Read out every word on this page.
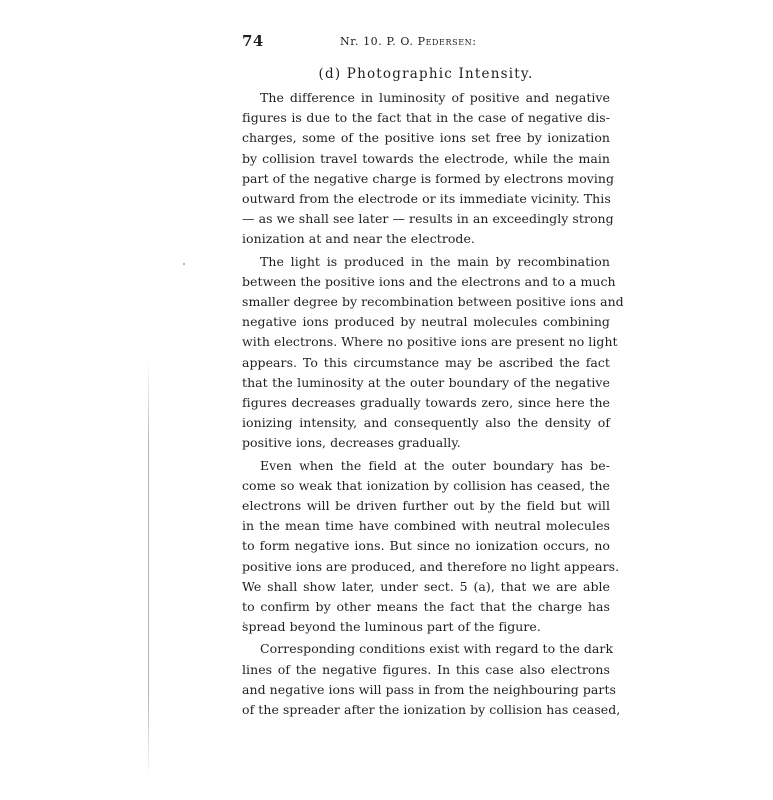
74	Nr. 10. P. O. Pedersen:
(d) Photographic Intensity.
The difference in luminosity of positive and negative
figures is due to the fact that in the case of negative dis-
charges, some of the positive ions set free by ionization
by collision travel towards the electrode, while the main
part of the negative charge is formed by electrons moving
outward from the electrode or its immediate vicinity. This
— as we shall see later — results in an exceedingly strong
ionization at and near the electrode.
The light is produced in the main by recombination
between the positive ions and the electrons and to a much
smaller degree by recombination between positive ions and
negative ions produced by neutral molecules combining
with electrons. Where no positive ions are present no light
appears. To this circumstance may be ascribed the fact
that the luminosity at the outer boundary of the negative
figures decreases gradually towards zero, since here the
ionizing intensity, and consequently also the density of
positive ions, decreases gradually.
Even when the field at the outer boundary has be-
come so weak that ionization by collision has ceased, the
electrons will be driven further out by the field but will
in the mean time have combined with neutral molecules
to form negative ions. But since no ionization occurs, no
positive ions are produced, and therefore no light appears.
We shall show later, under sect. 5 (a), that we are able
to confirm by other means the fact that the charge has
spread beyond the luminous part of the figure.
Corresponding conditions exist with regard to the dark
lines of the negative figures. In this case also electrons
and negative ions will pass in from the neighbouring parts
of the spreader after the ionization by collision has ceased,
